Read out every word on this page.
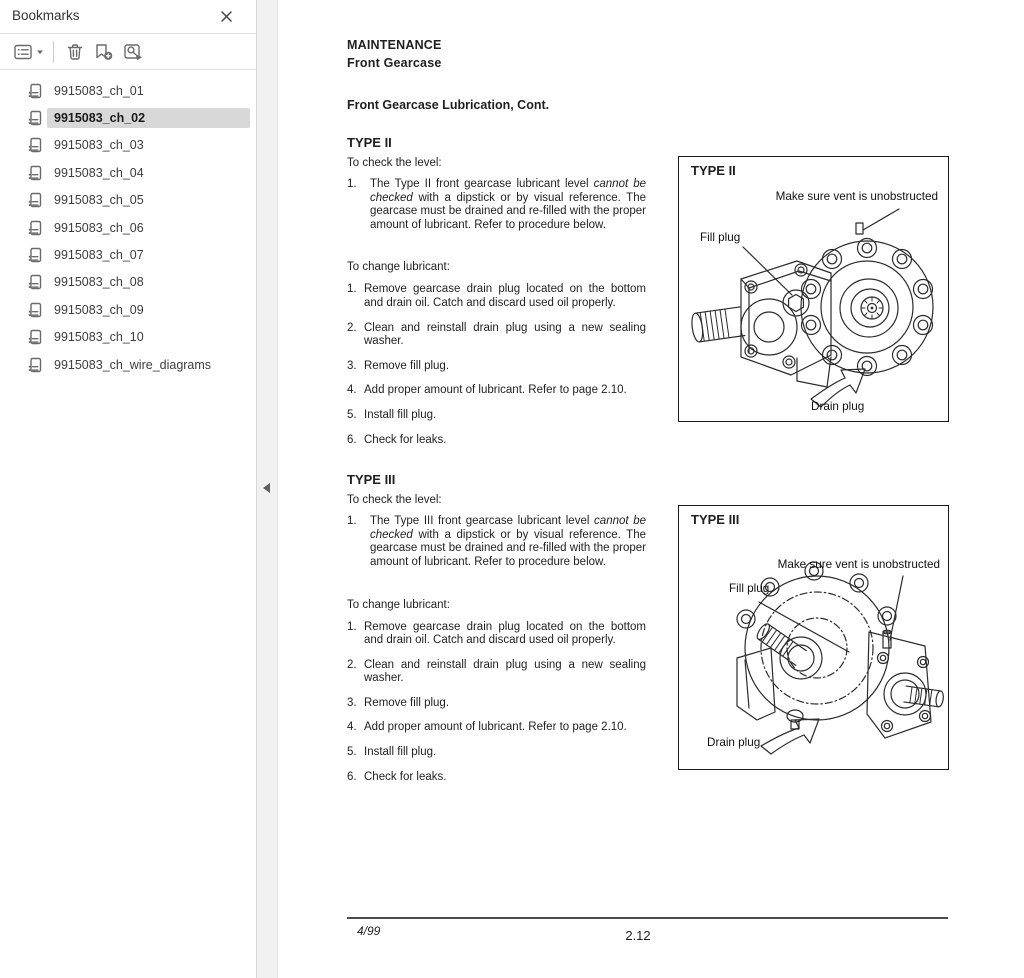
Bookmarks
9915083_ch_01
9915083_ch_02
9915083_ch_03
9915083_ch_04
9915083_ch_05
9915083_ch_06
9915083_ch_07
9915083_ch_08
9915083_ch_09
9915083_ch_10
9915083_ch_wire_diagrams
MAINTENANCE
Front Gearcase
Front Gearcase Lubrication, Cont.
TYPE II
To check the level:
1.	The Type II front gearcase lubricant level cannot be checked with a dipstick or by visual reference. The gearcase must be drained and re-filled with the proper amount of lubricant. Refer to procedure below.
To change lubricant:
1. Remove gearcase drain plug located on the bottom and drain oil. Catch and discard used oil properly.
2. Clean and reinstall drain plug using a new sealing washer.
3. Remove fill plug.
4. Add proper amount of lubricant. Refer to page 2.10.
5. Install fill plug.
6. Check for leaks.
TYPE III
To check the level:
1.	The Type III front gearcase lubricant level cannot be checked with a dipstick or by visual reference. The gearcase must be drained and re-filled with the proper amount of lubricant. Refer to procedure below.
To change lubricant:
1. Remove gearcase drain plug located on the bottom and drain oil. Catch and discard used oil properly.
2. Clean and reinstall drain plug using a new sealing washer.
3. Remove fill plug.
4. Add proper amount of lubricant. Refer to page 2.10.
5. Install fill plug.
6. Check for leaks.
TYPE II
Make sure vent is unobstructed
Fill plug
Drain plug
TYPE III
Make sure vent is unobstructed
Fill plug
Drain plug
4/99	2.12
